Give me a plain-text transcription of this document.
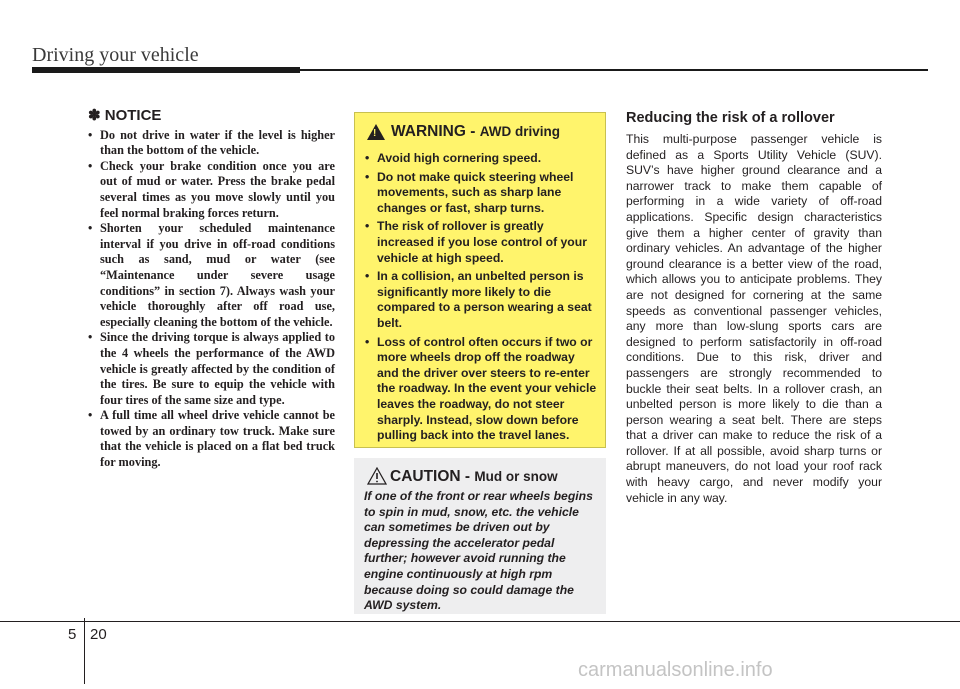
Driving your vehicle
✽ NOTICE
• Do not drive in water if the level is higher than the bottom of the vehicle.
• Check your brake condition once you are out of mud or water. Press the brake pedal several times as you move slowly until you feel normal braking forces return.
• Shorten your scheduled maintenance interval if you drive in off-road conditions such as sand, mud or water (see “Maintenance under severe usage conditions” in section 7). Always wash your vehicle thoroughly after off road use, especially cleaning the bottom of the vehicle.
• Since the driving torque is always applied to the 4 wheels the performance of the AWD vehicle is greatly affected by the condition of the tires. Be sure to equip the vehicle with four tires of the same size and type.
• A full time all wheel drive vehicle cannot be towed by an ordinary tow truck. Make sure that the vehicle is placed on a flat bed truck for moving.
! WARNING - AWD driving
• Avoid high cornering speed.
• Do not make quick steering wheel movements, such as sharp lane changes or fast, sharp turns.
• The risk of rollover is greatly increased if you lose control of your vehicle at high speed.
• In a collision, an unbelted person is significantly more likely to die compared to a person wearing a seat belt.
• Loss of control often occurs if two or more wheels drop off the roadway and the driver over steers to re-enter the roadway. In the event your vehicle leaves the roadway, do not steer sharply. Instead, slow down before pulling back into the travel lanes.
CAUTION - Mud or snow
If one of the front or rear wheels begins to spin in mud, snow, etc. the vehicle can sometimes be driven out by depressing the accelerator pedal further; however avoid running the engine continuously at high rpm because doing so could damage the AWD system.
Reducing the risk of a rollover

This multi-purpose passenger vehicle is defined as a Sports Utility Vehicle (SUV). SUV’s have higher ground clearance and a narrower track to make them capable of performing in a wide variety of off-road applications. Specific design characteristics give them a higher center of gravity than ordinary vehicles. An advantage of the higher ground clearance is a better view of the road, which allows you to anticipate problems. They are not designed for cornering at the same speeds as conventional passenger vehicles, any more than low-slung sports cars are designed to perform satisfactorily in off-road conditions. Due to this risk, driver and passengers are strongly recommended to buckle their seat belts. In a rollover crash, an unbelted person is more likely to die than a person wearing a seat belt. There are steps that a driver can make to reduce the risk of a rollover. If at all possible, avoid sharp turns or abrupt maneuvers, do not load your roof rack with heavy cargo, and never modify your vehicle in any way.

5 20
carmanualsonline.info
